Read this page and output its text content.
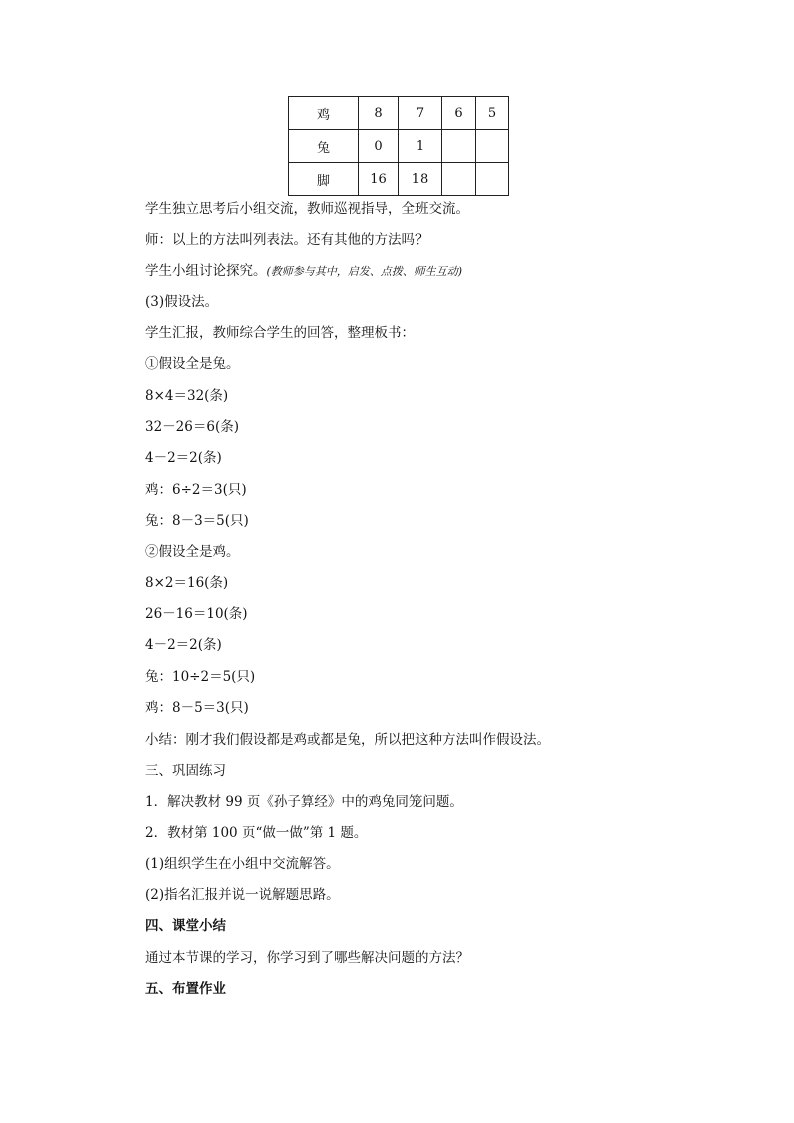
鸡	8	7	6	5
兔	0	1		
脚	16	18		
学生独立思考后小组交流，教师巡视指导，全班交流。
师：以上的方法叫列表法。还有其他的方法吗？
学生小组讨论探究。(教师参与其中，启发、点拨、师生互动)
(3)假设法。
学生汇报，教师综合学生的回答，整理板书：
①假设全是兔。
8×4＝32(条)
32－26＝6(条)
4－2＝2(条)
鸡：6÷2＝3(只)
兔：8－3＝5(只)
②假设全是鸡。
8×2＝16(条)
26－16＝10(条)
4－2＝2(条)
兔：10÷2＝5(只)
鸡：8－5＝3(只)
小结：刚才我们假设都是鸡或都是兔，所以把这种方法叫作假设法。
三、巩固练习
1．解决教材 99 页《孙子算经》中的鸡兔同笼问题。
2．教材第 100 页“做一做”第 1 题。
(1)组织学生在小组中交流解答。
(2)指名汇报并说一说解题思路。
四、课堂小结
通过本节课的学习，你学习到了哪些解决问题的方法？
五、布置作业
